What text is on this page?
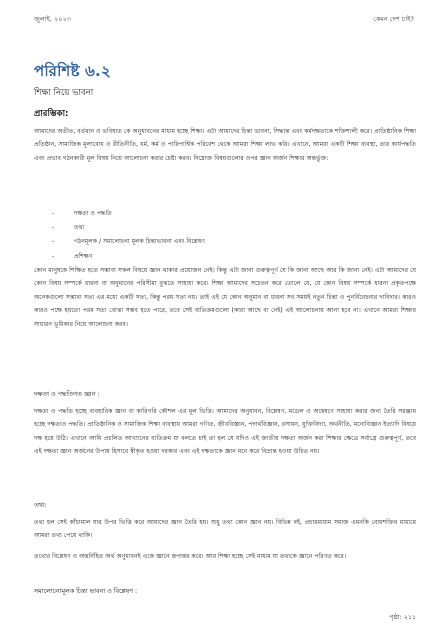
জুলাই, ২০২৩	কেমন দেশ চাই?
পরিশিষ্ট ৬.২
শিক্ষা নিয়ে ভাবনা
প্রারম্ভিকা:

আমাদের অতীত, বর্তমান ও ভবিষ্যত কে অনুধাবনের মাধ্যম হচ্ছে শিক্ষা। এটা আমাদের চিন্তা ভাবনা, সিদ্ধান্ত এবং কর্মদক্ষতাকে শক্তিশালী করে। প্রাতিষ্ঠানিক শিক্ষা প্রতিষ্ঠান, সামাজিক মূল্যবোধ ও রীতিনীতি, ধর্ম, কর্ম ও পারিপার্শ্বিক পরিবেশ থেকে আমরা শিক্ষা লাভ করি। এখানে, আমরা একটি শিক্ষা ব্যবস্থা, তার কার্যপদ্ধতি এবং প্রভাব গঠনকারী মূল বিষয় নিয়ে আলোচনা করার চেষ্টা করব। নিম্নোক্ত বিষয়গুলোর ওপর জ্ঞান অর্জন শিক্ষার অন্তর্ভুক্ত:

-	দক্ষতা ও পদ্ধতি
-	তথ্য
-	গঠনমূলক / সমালোচনা মূলক চিন্তাভাবনা এবং বিশ্লেষণ
-	প্রশিক্ষণ

কোন মানুষকে শিক্ষিত হতে সম্ভাব্য সকল বিষয়ে জ্ঞান থাকার প্রয়োজন নেই। কিন্তু এটা জানা গুরুত্বপূর্ণ যে কি জানা আছে আর কি জানা নেই। এটা আমাদের যে কোন বিষয় সম্পর্কে ধারনা বা অনুমানের পরিসীমা বুঝতে সাহায্য করে। শিক্ষা আমাদের সচেতন করে তোলে যে, যে কোন বিষয় সম্পর্কে ধারনা প্রকৃতপক্ষে অনেকগুলো সম্ভাব্য সত্য এর মধ্যে একটি সত্য, কিন্তু পরম সত্য নয়। তাই এই যে কোন অনুমান বা ধারনা সব সময়ই নতুন চিন্তা ও পুনর্বিবেচনার দাবিদার। কারও কারও পক্ষে হয়তো পরম সত্য বোঝা সম্ভব হতে পারে, তবে সেই ব্যতিক্রমগুলো (কারা আছে বা নেই) এই আলোচনায় আনা হবে না। এখানে আমরা শিক্ষার সাধারন ভূমিকার নিয়ে আলোচনা করব।

দক্ষতা ও পদ্ধতিগত জ্ঞান :

দক্ষতা ও পদ্ধতি হচ্ছে ব্যবহারিক জ্ঞান বা কারিগরি কৌশল এর মূল ভিত্তি। আমাদের অনুধাবন, বিশ্লেষণ, মডেল ও অন্বেষণে সাহায্য করার জন্য তৈরি সরঞ্জাম হচ্ছে দক্ষতাও পদ্ধতি। প্রাতিষ্ঠানিক ও সামাজিক শিক্ষা ব্যবস্থায় আমরা গণিত, জীববিজ্ঞান, পদার্থবিজ্ঞান, রসায়ন, যুক্তিবিদ্যা, অর্থনীতি, মনোবিজ্ঞান ইত্যাদি বিষয়ে দক্ষ হয়ে উঠি। এখানে আমি প্রচলিত আখ্যানের ব্যতিক্রম যা বলতে চাই তা হল যে যদিও এই জাতীয় দক্ষতা অর্জন করা শিক্ষার ক্ষেত্রে সর্বাগ্রে গুরুত্বপূর্ণ, তবে এই দক্ষতা জ্ঞান অর্জনের উপায় হিসাবে স্বীকৃত হওয়া দরকার এবং এই দক্ষতাকে জ্ঞান মনে করে বিভ্রান্ত হওয়া উচিত নয়।

তথ্য:

তথ্য হল সেই কাঁচামাল যার উপর ভিত্তি করে আমাদের জ্ঞান তৈরি হয়। শুধু তথ্য কোন জ্ঞান নয়। বিভিন্ন বই, প্রচারমাধ্যম সমাজ এমনকি বোধশক্তির মাধ্যমে আমরা তথ্য পেয়ে থাকি।

তথ্যের বিশ্লেষণ ও অন্তর্নিহিত অর্থ অনুধাবনই একে জ্ঞানে রূপান্তর করে। আর শিক্ষা হচ্ছে সেই মাধ্যম যা তথ্যকে জ্ঞানে পরিণত করে।

সমালোচনামূলক চিন্তা ভাবনা ও বিশ্লেষণ :
পৃষ্ঠা: ২১১
